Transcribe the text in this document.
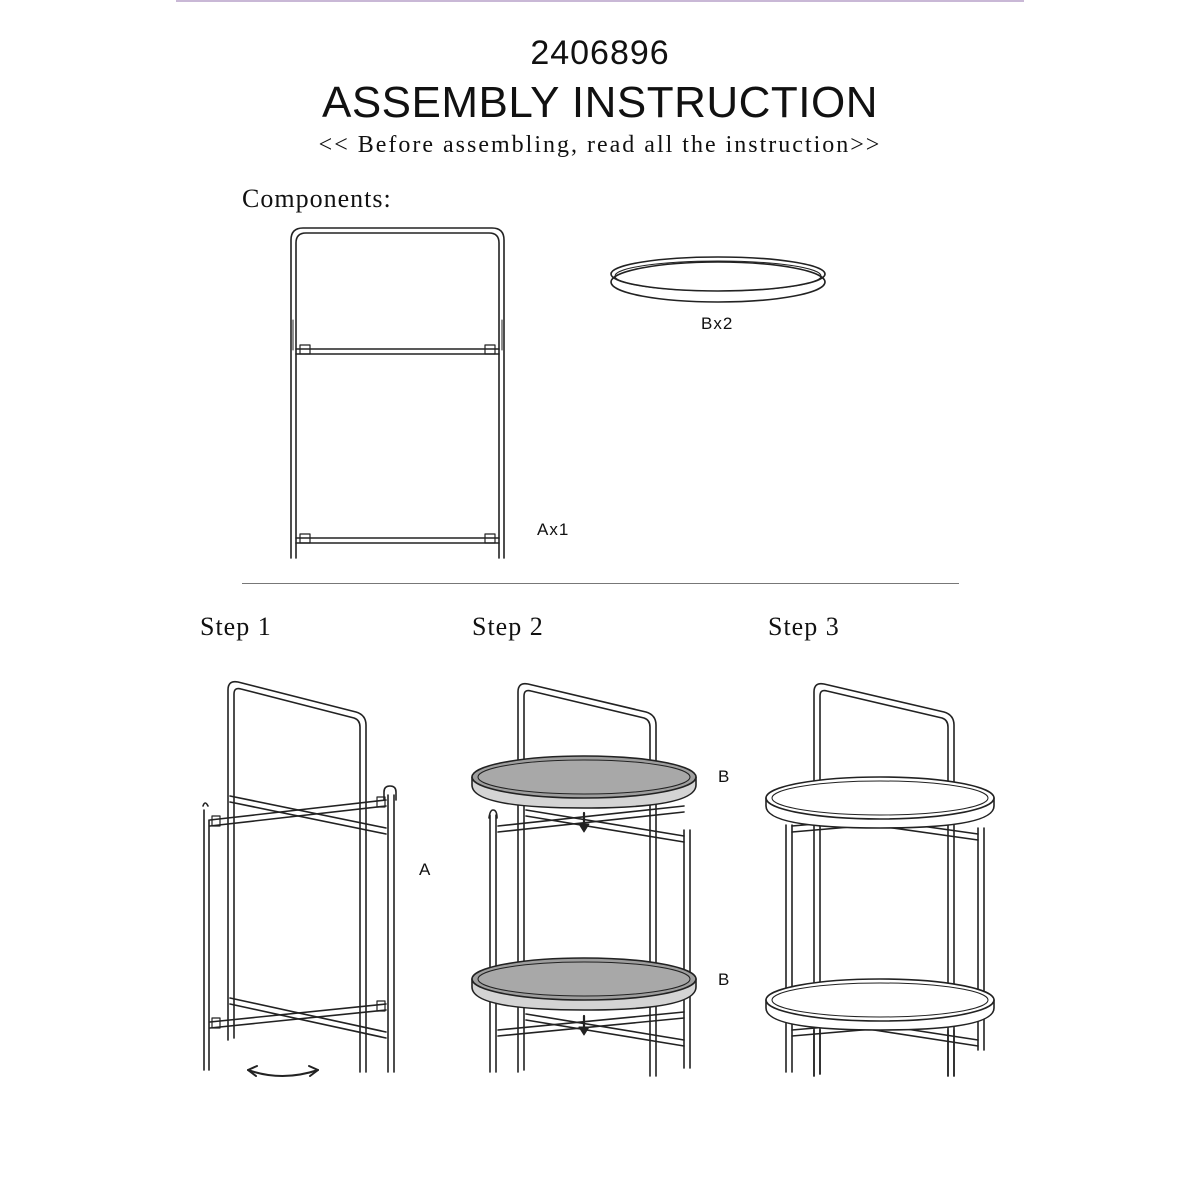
2406896
ASSEMBLY INSTRUCTION
<< Before assembling, read all the instruction>>
Components:
Ax1
Bx2
Step 1	Step 2	Step 3
A
B
B
